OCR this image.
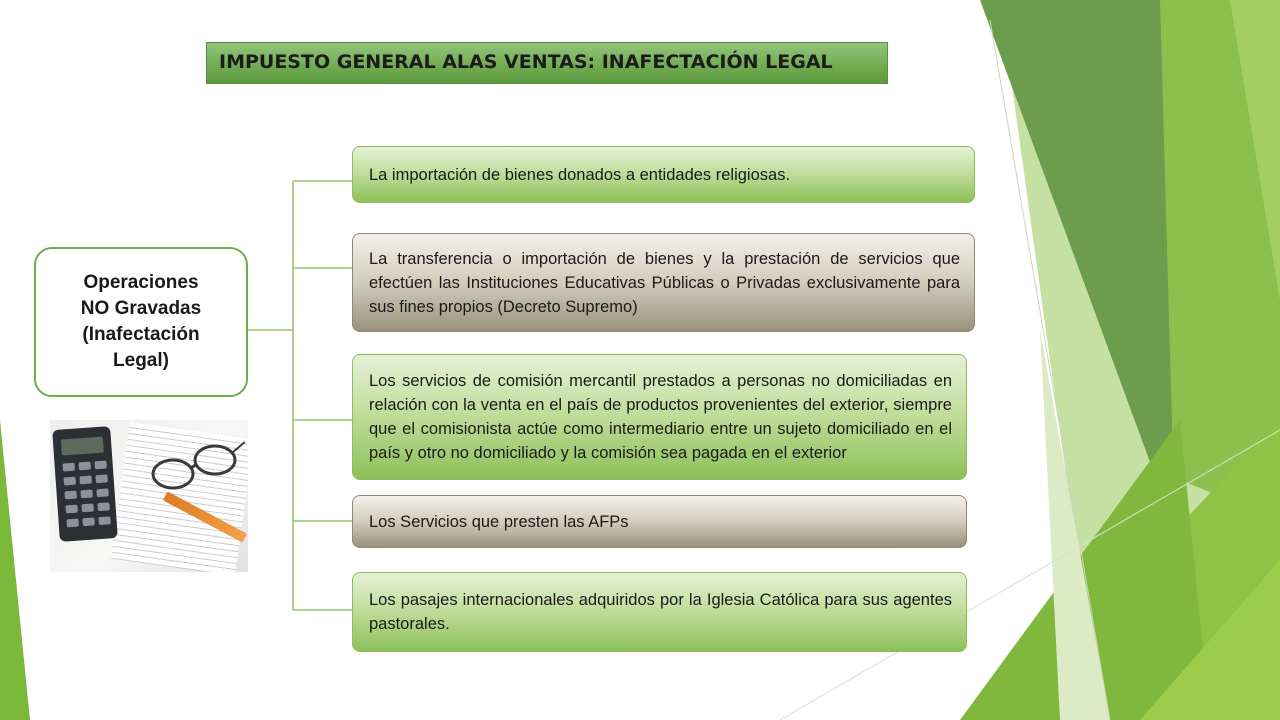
IMPUESTO GENERAL ALAS VENTAS: INAFECTACIÓN LEGAL
Operaciones
NO Gravadas
(Inafectación
Legal)
La importación de bienes donados a entidades religiosas.
La transferencia o importación de bienes y la prestación de servicios que efectúen las Instituciones Educativas Públicas o Privadas exclusivamente para sus fines propios (Decreto Supremo)
Los servicios de comisión mercantil prestados a personas no domiciliadas en relación con la venta en el país de productos provenientes del exterior, siempre que el comisionista actúe como intermediario entre un sujeto domiciliado en el país y otro no domiciliado y la comisión sea pagada en el exterior
Los Servicios que presten las AFPs
Los pasajes internacionales adquiridos por la Iglesia Católica para sus agentes pastorales.
